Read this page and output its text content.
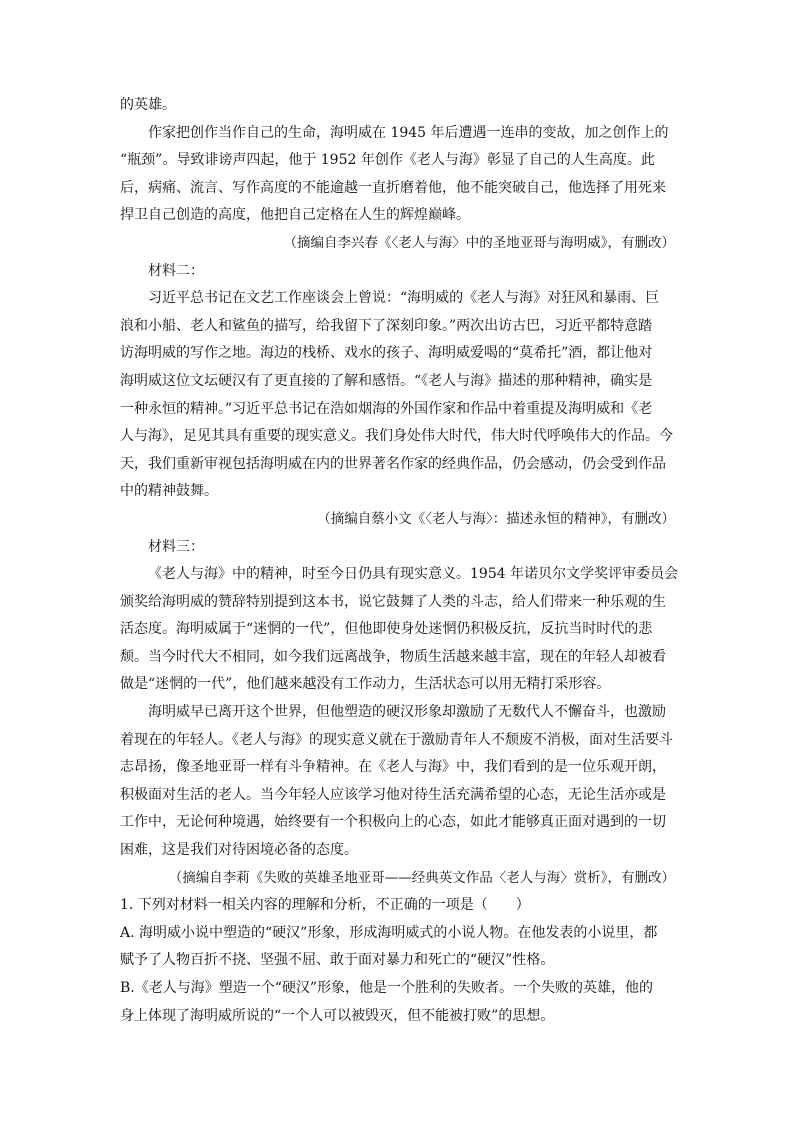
的英雄。
作家把创作当作自己的生命，海明威在 1945 年后遭遇一连串的变故，加之创作上的
“瓶颈”。导致诽谤声四起，他于 1952 年创作《老人与海》彰显了自己的人生高度。此
后，病痛、流言、写作高度的不能逾越一直折磨着他，他不能突破自己，他选择了用死来
捍卫自己创造的高度，他把自己定格在人生的辉煌巅峰。
（摘编自李兴春《〈老人与海〉中的圣地亚哥与海明威》，有删改）
材料二：
习近平总书记在文艺工作座谈会上曾说：“海明威的《老人与海》对狂风和暴雨、巨
浪和小船、老人和鲨鱼的描写，给我留下了深刻印象。”两次出访古巴，习近平都特意踏
访海明威的写作之地。海边的栈桥、戏水的孩子、海明威爱喝的“莫希托”酒，都让他对
海明威这位文坛硬汉有了更直接的了解和感悟。“《老人与海》描述的那种精神，确实是
一种永恒的精神。”习近平总书记在浩如烟海的外国作家和作品中着重提及海明威和《老
人与海》，足见其具有重要的现实意义。我们身处伟大时代，伟大时代呼唤伟大的作品。今
天，我们重新审视包括海明威在内的世界著名作家的经典作品，仍会感动，仍会受到作品
中的精神鼓舞。
（摘编自蔡小文《〈老人与海〉：描述永恒的精神》，有删改）
材料三：
《老人与海》中的精神，时至今日仍具有现实意义。1954 年诺贝尔文学奖评审委员会
颁奖给海明威的赞辞特别提到这本书，说它鼓舞了人类的斗志，给人们带来一种乐观的生
活态度。海明威属于“迷惘的一代”，但他即使身处迷惘仍积极反抗，反抗当时时代的悲
颓。当今时代大不相同，如今我们远离战争，物质生活越来越丰富，现在的年轻人却被看
做是“迷惘的一代”，他们越来越没有工作动力，生活状态可以用无精打采形容。
海明威早已离开这个世界，但他塑造的硬汉形象却激励了无数代人不懈奋斗，也激励
着现在的年轻人。《老人与海》的现实意义就在于激励青年人不颓废不消极，面对生活要斗
志昂扬，像圣地亚哥一样有斗争精神。在《老人与海》中，我们看到的是一位乐观开朗，
积极面对生活的老人。当今年轻人应该学习他对待生活充满希望的心态，无论生活亦或是
工作中，无论何种境遇，始终要有一个积极向上的心态，如此才能够真正面对遇到的一切
困难，这是我们对待困境必备的态度。
（摘编自李莉《失败的英雄圣地亚哥——经典英文作品〈老人与海〉赏析》，有删改）
1. 下列对材料一相关内容的理解和分析，不正确的一项是（　　）
A. 海明威小说中塑造的“硬汉”形象，形成海明威式的小说人物。在他发表的小说里，都
赋予了人物百折不挠、坚强不屈、敢于面对暴力和死亡的“硬汉”性格。
B.《老人与海》塑造一个“硬汉”形象，他是一个胜利的失败者。一个失败的英雄，他的
身上体现了海明威所说的“一个人可以被毁灭，但不能被打败”的思想。
